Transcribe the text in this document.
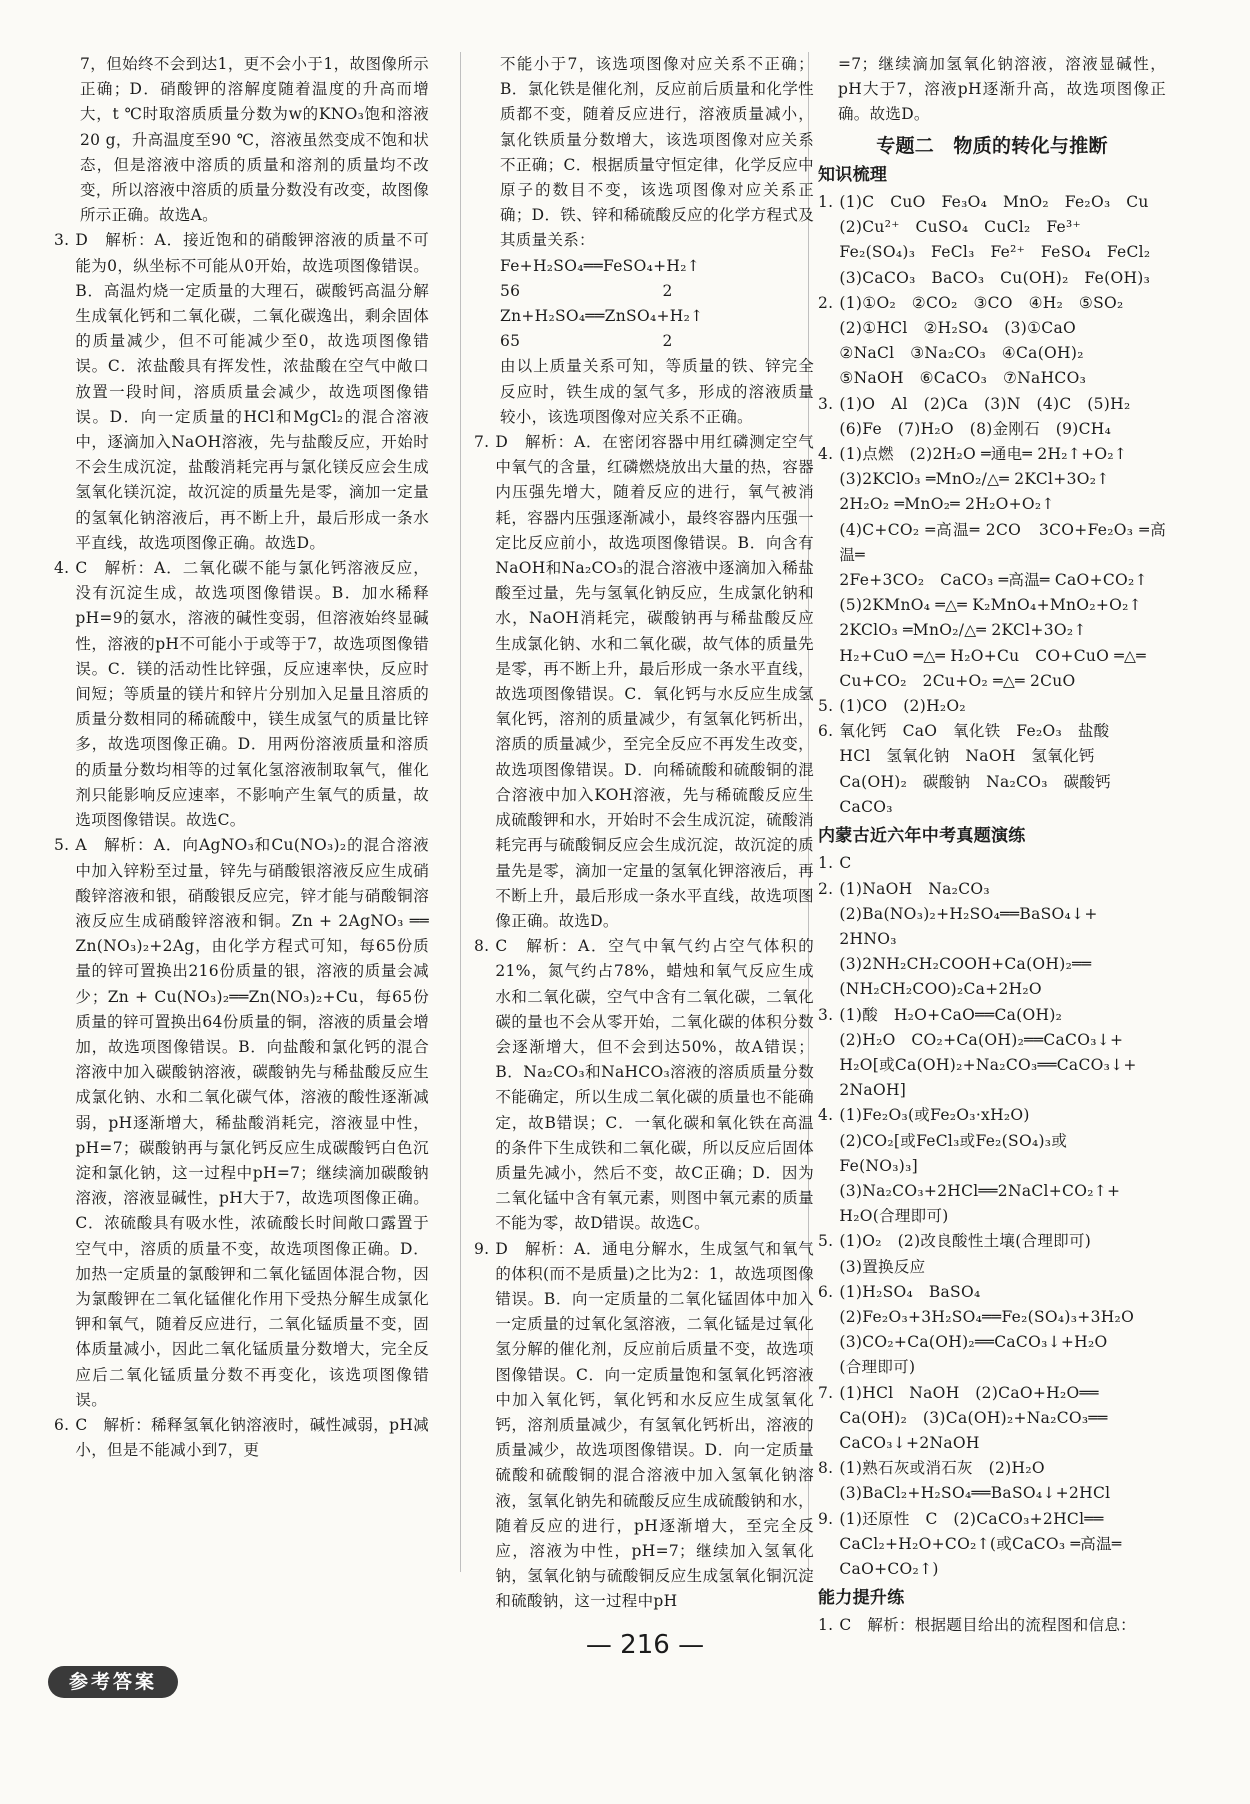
7，但始终不会到达1，更不会小于1，故图像所示正确；D．硝酸钾的溶解度随着温度的升高而增大，t ℃时取溶质质量分数为w的KNO₃饱和溶液20 g，升高温度至90 ℃，溶液虽然变成不饱和状态，但是溶液中溶质的质量和溶剂的质量均不改变，所以溶液中溶质的质量分数没有改变，故图像所示正确。故选A。
3. D　解析：A．接近饱和的硝酸钾溶液的质量不可能为0，纵坐标不可能从0开始，故选项图像错误。B．高温灼烧一定质量的大理石，碳酸钙高温分解生成氧化钙和二氧化碳，二氧化碳逸出，剩余固体的质量减少，但不可能减少至0，故选项图像错误。C．浓盐酸具有挥发性，浓盐酸在空气中敞口放置一段时间，溶质质量会减少，故选项图像错误。D．向一定质量的HCl和MgCl₂的混合溶液中，逐滴加入NaOH溶液，先与盐酸反应，开始时不会生成沉淀，盐酸消耗完再与氯化镁反应会生成氢氧化镁沉淀，故沉淀的质量先是零，滴加一定量的氢氧化钠溶液后，再不断上升，最后形成一条水平直线，故选项图像正确。故选D。
4. C　解析：A．二氧化碳不能与氯化钙溶液反应，没有沉淀生成，故选项图像错误。B．加水稀释pH=9的氨水，溶液的碱性变弱，但溶液始终显碱性，溶液的pH不可能小于或等于7，故选项图像错误。C．镁的活动性比锌强，反应速率快，反应时间短；等质量的镁片和锌片分别加入足量且溶质的质量分数相同的稀硫酸中，镁生成氢气的质量比锌多，故选项图像正确。D．用两份溶液质量和溶质的质量分数均相等的过氧化氢溶液制取氧气，催化剂只能影响反应速率，不影响产生氧气的质量，故选项图像错误。故选C。
5. A　解析：A．向AgNO₃和Cu(NO₃)₂的混合溶液中加入锌粉至过量，锌先与硝酸银溶液反应生成硝酸锌溶液和银，硝酸银反应完，锌才能与硝酸铜溶液反应生成硝酸锌溶液和铜。Zn + 2AgNO₃ ══ Zn(NO₃)₂+2Ag，由化学方程式可知，每65份质量的锌可置换出216份质量的银，溶液的质量会减少；Zn + Cu(NO₃)₂══Zn(NO₃)₂+Cu，每65份质量的锌可置换出64份质量的铜，溶液的质量会增加，故选项图像错误。B．向盐酸和氯化钙的混合溶液中加入碳酸钠溶液，碳酸钠先与稀盐酸反应生成氯化钠、水和二氧化碳气体，溶液的酸性逐渐减弱，pH逐渐增大，稀盐酸消耗完，溶液显中性，pH=7；碳酸钠再与氯化钙反应生成碳酸钙白色沉淀和氯化钠，这一过程中pH=7；继续滴加碳酸钠溶液，溶液显碱性，pH大于7，故选项图像正确。C．浓硫酸具有吸水性，浓硫酸长时间敞口露置于空气中，溶质的质量不变，故选项图像正确。D．加热一定质量的氯酸钾和二氧化锰固体混合物，因为氯酸钾在二氧化锰催化作用下受热分解生成氯化钾和氧气，随着反应进行，二氧化锰质量不变，固体质量减小，因此二氧化锰质量分数增大，完全反应后二氧化锰质量分数不再变化，该选项图像错误。
6. C　解析：稀释氢氧化钠溶液时，碱性减弱，pH减小，但是不能减小到7，更
不能小于7，该选项图像对应关系不正确；B．氯化铁是催化剂，反应前后质量和化学性质都不变，随着反应进行，溶液质量减小，氯化铁质量分数增大，该选项图像对应关系不正确；C．根据质量守恒定律，化学反应中原子的数目不变，该选项图像对应关系正确；D．铁、锌和稀硫酸反应的化学方程式及其质量关系：
Fe+H₂SO₄══FeSO₄+H₂↑
56　　　　　　　　　2
Zn+H₂SO₄══ZnSO₄+H₂↑
65　　　　　　　　　2
由以上质量关系可知，等质量的铁、锌完全反应时，铁生成的氢气多，形成的溶液质量较小，该选项图像对应关系不正确。
7. D　解析：A．在密闭容器中用红磷测定空气中氧气的含量，红磷燃烧放出大量的热，容器内压强先增大，随着反应的进行，氧气被消耗，容器内压强逐渐减小，最终容器内压强一定比反应前小，故选项图像错误。B．向含有NaOH和Na₂CO₃的混合溶液中逐滴加入稀盐酸至过量，先与氢氧化钠反应，生成氯化钠和水，NaOH消耗完，碳酸钠再与稀盐酸反应生成氯化钠、水和二氧化碳，故气体的质量先是零，再不断上升，最后形成一条水平直线，故选项图像错误。C．氧化钙与水反应生成氢氧化钙，溶剂的质量减少，有氢氧化钙析出，溶质的质量减少，至完全反应不再发生改变，故选项图像错误。D．向稀硫酸和硫酸铜的混合溶液中加入KOH溶液，先与稀硫酸反应生成硫酸钾和水，开始时不会生成沉淀，硫酸消耗完再与硫酸铜反应会生成沉淀，故沉淀的质量先是零，滴加一定量的氢氧化钾溶液后，再不断上升，最后形成一条水平直线，故选项图像正确。故选D。
8. C　解析：A．空气中氧气约占空气体积的21%，氮气约占78%，蜡烛和氧气反应生成水和二氧化碳，空气中含有二氧化碳，二氧化碳的量也不会从零开始，二氧化碳的体积分数会逐渐增大，但不会到达50%，故A错误；B．Na₂CO₃和NaHCO₃溶液的溶质质量分数不能确定，所以生成二氧化碳的质量也不能确定，故B错误；C．一氧化碳和氧化铁在高温的条件下生成铁和二氧化碳，所以反应后固体质量先减小，然后不变，故C正确；D．因为二氧化锰中含有氧元素，则图中氧元素的质量不能为零，故D错误。故选C。
9. D　解析：A．通电分解水，生成氢气和氧气的体积(而不是质量)之比为2：1，故选项图像错误。B．向一定质量的二氧化锰固体中加入一定质量的过氧化氢溶液，二氧化锰是过氧化氢分解的催化剂，反应前后质量不变，故选项图像错误。C．向一定质量饱和氢氧化钙溶液中加入氧化钙，氧化钙和水反应生成氢氧化钙，溶剂质量减少，有氢氧化钙析出，溶液的质量减少，故选项图像错误。D．向一定质量硫酸和硫酸铜的混合溶液中加入氢氧化钠溶液，氢氧化钠先和硫酸反应生成硫酸钠和水，随着反应的进行，pH逐渐增大，至完全反应，溶液为中性，pH=7；继续加入氢氧化钠，氢氧化钠与硫酸铜反应生成氢氧化铜沉淀和硫酸钠，这一过程中pH
=7；继续滴加氢氧化钠溶液，溶液显碱性，pH大于7，溶液pH逐渐升高，故选项图像正确。故选D。
专题二　物质的转化与推断
知识梳理
1. (1)C　CuO　Fe₃O₄　MnO₂　Fe₂O₃　Cu
(2)Cu²⁺　CuSO₄　CuCl₂　Fe³⁺
Fe₂(SO₄)₃　FeCl₃　Fe²⁺　FeSO₄　FeCl₂
(3)CaCO₃　BaCO₃　Cu(OH)₂　Fe(OH)₃
2. (1)①O₂　②CO₂　③CO　④H₂　⑤SO₂
(2)①HCl　②H₂SO₄　(3)①CaO
②NaCl　③Na₂CO₃　④Ca(OH)₂
⑤NaOH　⑥CaCO₃　⑦NaHCO₃
3. (1)O　Al　(2)Ca　(3)N　(4)C　(5)H₂
(6)Fe　(7)H₂O　(8)金刚石　(9)CH₄
4. (1)点燃　(2)2H₂O ═通电═ 2H₂↑+O₂↑
(3)2KClO₃ ═MnO₂/△═ 2KCl+3O₂↑
2H₂O₂ ═MnO₂═ 2H₂O+O₂↑
(4)C+CO₂ ═高温═ 2CO　3CO+Fe₂O₃ ═高温═
2Fe+3CO₂　CaCO₃ ═高温═ CaO+CO₂↑
(5)2KMnO₄ ═△═ K₂MnO₄+MnO₂+O₂↑
2KClO₃ ═MnO₂/△═ 2KCl+3O₂↑
H₂+CuO ═△═ H₂O+Cu　CO+CuO ═△═
Cu+CO₂　2Cu+O₂ ═△═ 2CuO
5. (1)CO　(2)H₂O₂
6. 氧化钙　CaO　氧化铁　Fe₂O₃　盐酸
HCl　氢氧化钠　NaOH　氢氧化钙
Ca(OH)₂　碳酸钠　Na₂CO₃　碳酸钙
CaCO₃
内蒙古近六年中考真题演练
1. C
2. (1)NaOH　Na₂CO₃
(2)Ba(NO₃)₂+H₂SO₄══BaSO₄↓+
2HNO₃
(3)2NH₂CH₂COOH+Ca(OH)₂══
(NH₂CH₂COO)₂Ca+2H₂O
3. (1)酸　H₂O+CaO══Ca(OH)₂
(2)H₂O　CO₂+Ca(OH)₂══CaCO₃↓+
H₂O[或Ca(OH)₂+Na₂CO₃══CaCO₃↓+
2NaOH]
4. (1)Fe₂O₃(或Fe₂O₃·xH₂O)
(2)CO₂[或FeCl₃或Fe₂(SO₄)₃或
Fe(NO₃)₃]
(3)Na₂CO₃+2HCl══2NaCl+CO₂↑+
H₂O(合理即可)
5. (1)O₂　(2)改良酸性土壤(合理即可)
(3)置换反应
6. (1)H₂SO₄　BaSO₄
(2)Fe₂O₃+3H₂SO₄══Fe₂(SO₄)₃+3H₂O
(3)CO₂+Ca(OH)₂══CaCO₃↓+H₂O
(合理即可)
7. (1)HCl　NaOH　(2)CaO+H₂O══
Ca(OH)₂　(3)Ca(OH)₂+Na₂CO₃══
CaCO₃↓+2NaOH
8. (1)熟石灰或消石灰　(2)H₂O
(3)BaCl₂+H₂SO₄══BaSO₄↓+2HCl
9. (1)还原性　C　(2)CaCO₃+2HCl══
CaCl₂+H₂O+CO₂↑(或CaCO₃ ═高温═
CaO+CO₂↑)
能力提升练
1. C　解析：根据题目给出的流程图和信息：
— 216 —
参考答案
